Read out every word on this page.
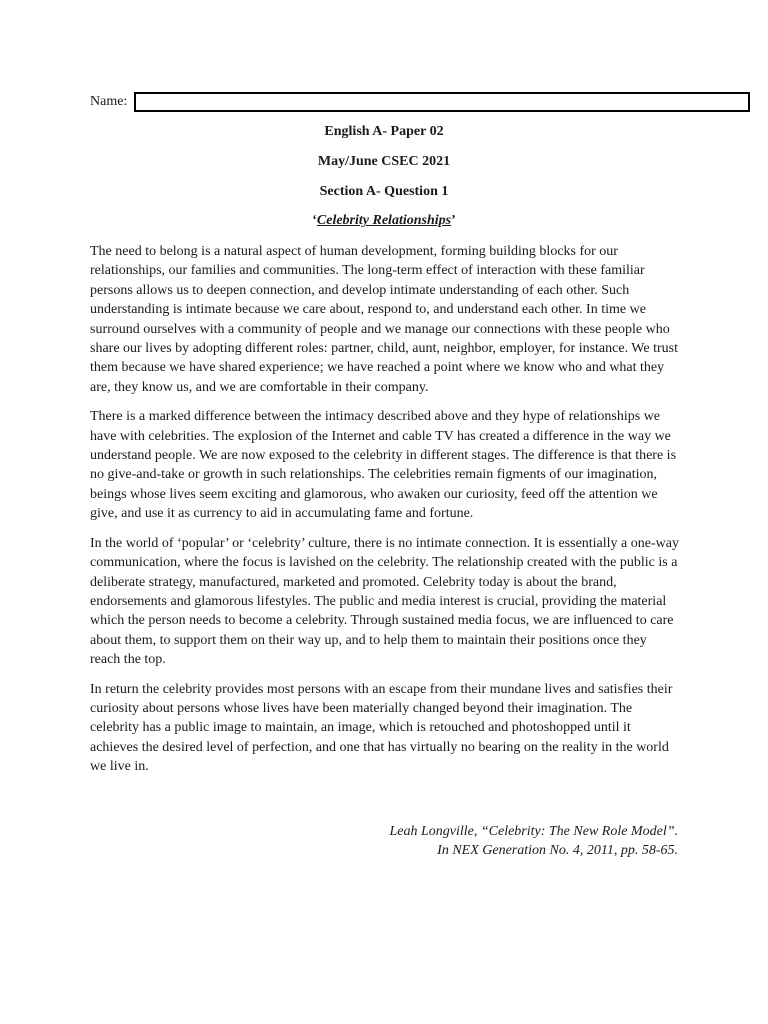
Name:
English A- Paper 02
May/June CSEC 2021
Section A- Question 1
‘Celebrity Relationships’

The need to belong is a natural aspect of human development, forming building blocks for our relationships, our families and communities. The long-term effect of interaction with these familiar persons allows us to deepen connection, and develop intimate understanding of each other. Such understanding is intimate because we care about, respond to, and understand each other. In time we surround ourselves with a community of people and we manage our connections with these people who share our lives by adopting different roles: partner, child, aunt, neighbor, employer, for instance. We trust them because we have shared experience; we have reached a point where we know who and what they are, they know us, and we are comfortable in their company.

There is a marked difference between the intimacy described above and they hype of relationships we have with celebrities. The explosion of the Internet and cable TV has created a difference in the way we understand people. We are now exposed to the celebrity in different stages. The difference is that there is no give-and-take or growth in such relationships. The celebrities remain figments of our imagination, beings whose lives seem exciting and glamorous, who awaken our curiosity, feed off the attention we give, and use it as currency to aid in accumulating fame and fortune.

In the world of ‘popular’ or ‘celebrity’ culture, there is no intimate connection. It is essentially a one-way communication, where the focus is lavished on the celebrity. The relationship created with the public is a deliberate strategy, manufactured, marketed and promoted. Celebrity today is about the brand, endorsements and glamorous lifestyles. The public and media interest is crucial, providing the material which the person needs to become a celebrity. Through sustained media focus, we are influenced to care about them, to support them on their way up, and to help them to maintain their positions once they reach the top.

In return the celebrity provides most persons with an escape from their mundane lives and satisfies their curiosity about persons whose lives have been materially changed beyond their imagination. The celebrity has a public image to maintain, an image, which is retouched and photoshopped until it achieves the desired level of perfection, and one that has virtually no bearing on the reality in the world we live in.

Leah Longville, “Celebrity: The New Role Model”.
In NEX Generation No. 4, 2011, pp. 58-65.
